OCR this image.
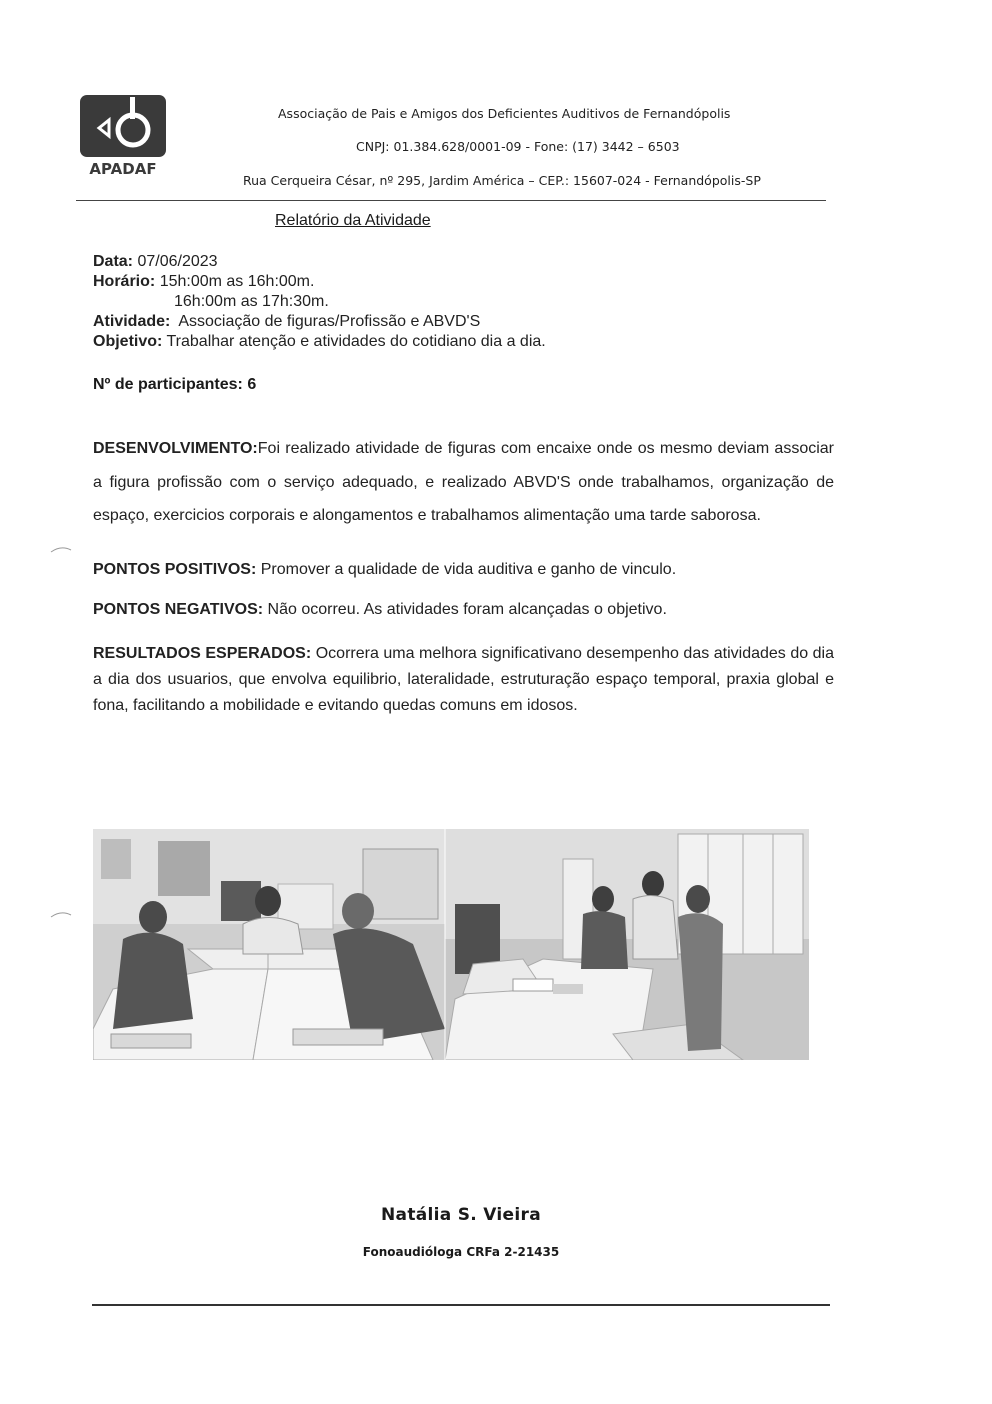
APADAF
Associação de Pais e Amigos dos Deficientes Auditivos de Fernandópolis
CNPJ: 01.384.628/0001-09 - Fone: (17) 3442 – 6503
Rua Cerqueira César, nº 295, Jardim América – CEP.: 15607-024 - Fernandópolis-SP
Relatório da Atividade
Data: 07/06/2023
Horário: 15h:00m as 16h:00m.
16h:00m as 17h:30m.
Atividade: Associação de figuras/Profissão e ABVD'S
Objetivo: Trabalhar atenção e atividades do cotidiano dia a dia.
Nº de participantes: 6
DESENVOLVIMENTO:Foi realizado atividade de figuras com encaixe onde os mesmo deviam associar a figura profissão com o serviço adequado, e realizado ABVD'S onde trabalhamos, organização de espaço, exercicios corporais e alongamentos e trabalhamos alimentação uma tarde saborosa.
PONTOS POSITIVOS: Promover a qualidade de vida auditiva e ganho de vinculo.
PONTOS NEGATIVOS: Não ocorreu. As atividades foram alcançadas o objetivo.
RESULTADOS ESPERADOS: Ocorrera uma melhora significativano desempenho das atividades do dia a dia dos usuarios, que envolva equilibrio, lateralidade, estruturação espaço temporal, praxia global e fona, facilitando a mobilidade e evitando quedas comuns em idosos.
Natália S. Vieira
Fonoaudióloga CRFa 2-21435
